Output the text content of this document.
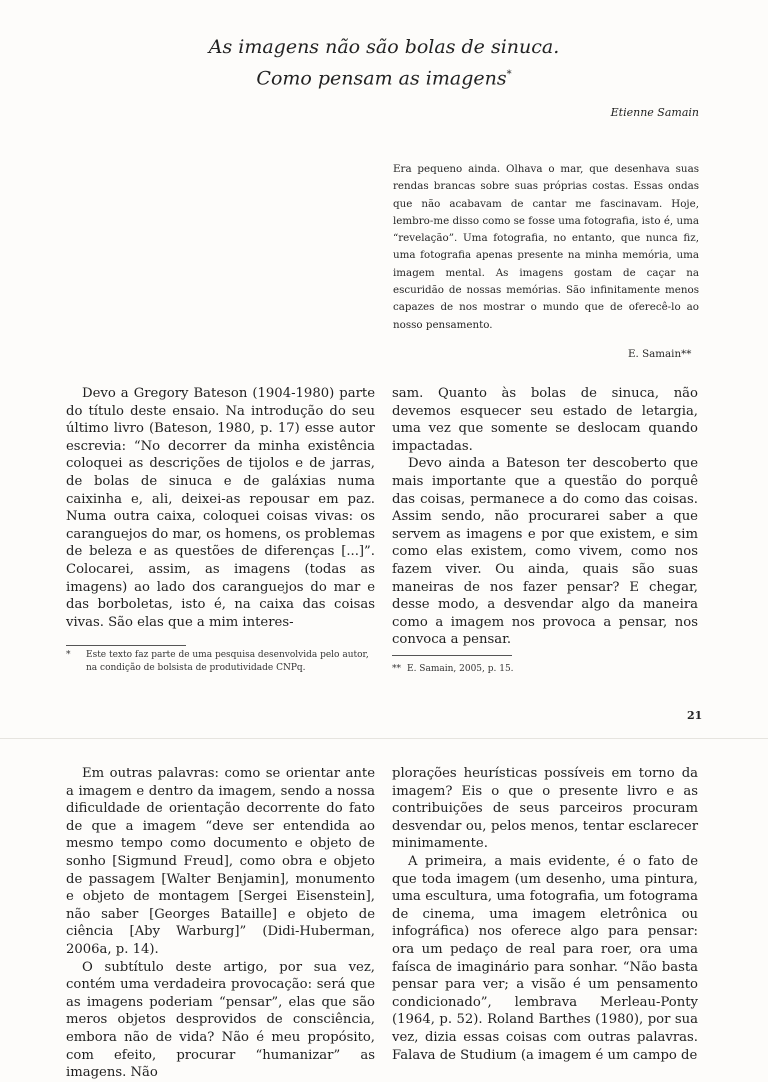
As imagens não são bolas de sinuca.
Como pensam as imagens*
Etienne Samain
Era pequeno ainda. Olhava o mar, que desenhava suas rendas brancas sobre suas próprias costas. Essas ondas que não acabavam de cantar me fascinavam. Hoje, lembro-me disso como se fosse uma fotografia, isto é, uma “revelação”. Uma fotografia, no entanto, que nunca fiz, uma fotografia apenas presente na minha memória, uma imagem mental. As imagens gostam de caçar na escuridão de nossas memórias. São infinitamente menos capazes de nos mostrar o mundo que de oferecê-lo ao nosso pensamento.
E. Samain**

Devo a Gregory Bateson (1904-1980) parte do título deste ensaio. Na introdução do seu último livro (Bateson, 1980, p. 17) esse autor escrevia: “No decorrer da minha existência coloquei as descrições de tijolos e de jarras, de bolas de sinuca e de galáxias numa caixinha e, ali, deixei-as repousar em paz. Numa outra caixa, coloquei coisas vivas: os caranguejos do mar, os homens, os problemas de beleza e as questões de diferenças [...]”. Colocarei, assim, as imagens (todas as imagens) ao lado dos caranguejos do mar e das borboletas, isto é, na caixa das coisas vivas. São elas que a mim interes-

sam. Quanto às bolas de sinuca, não devemos esquecer seu estado de letargia, uma vez que somente se deslocam quando impactadas.

Devo ainda a Bateson ter descoberto que mais importante que a questão do porquê das coisas, permanece a do como das coisas. Assim sendo, não procurarei saber a que servem as imagens e por que existem, e sim como elas existem, como vivem, como nos fazem viver. Ou ainda, quais são suas maneiras de nos fazer pensar? E chegar, desse modo, a desvendar algo da maneira como a imagem nos provoca a pensar, nos convoca a pensar.

* Este texto faz parte de uma pesquisa desenvolvida pelo autor, na condição de bolsista de produtividade CNPq.	** E. Samain, 2005, p. 15.
21

Em outras palavras: como se orientar ante a imagem e dentro da imagem, sendo a nossa dificuldade de orientação decorrente do fato de que a imagem “deve ser entendida ao mesmo tempo como documento e objeto de sonho [Sigmund Freud], como obra e objeto de passagem [Walter Benjamin], monumento e objeto de montagem [Sergei Eisenstein], não saber [Georges Bataille] e objeto de ciência [Aby Warburg]” (Didi-Huberman, 2006a, p. 14).

O subtítulo deste artigo, por sua vez, contém uma verdadeira provocação: será que as imagens poderiam “pensar”, elas que são meros objetos desprovidos de consciência, embora não de vida? Não é meu propósito, com efeito, procurar “humanizar” as imagens. Não

plorações heurísticas possíveis em torno da imagem? Eis o que o presente livro e as contribuições de seus parceiros procuram desvendar ou, pelos menos, tentar esclarecer minimamente.

A primeira, a mais evidente, é o fato de que toda imagem (um desenho, uma pintura, uma escultura, uma fotografia, um fotograma de cinema, uma imagem eletrônica ou infográfica) nos oferece algo para pensar: ora um pedaço de real para roer, ora uma faísca de imaginário para sonhar. “Não basta pensar para ver; a visão é um pensamento condicionado”, lembrava Merleau-Ponty (1964, p. 52). Roland Barthes (1980), por sua vez, dizia essas coisas com outras palavras. Falava de Studium (a imagem é um campo de
